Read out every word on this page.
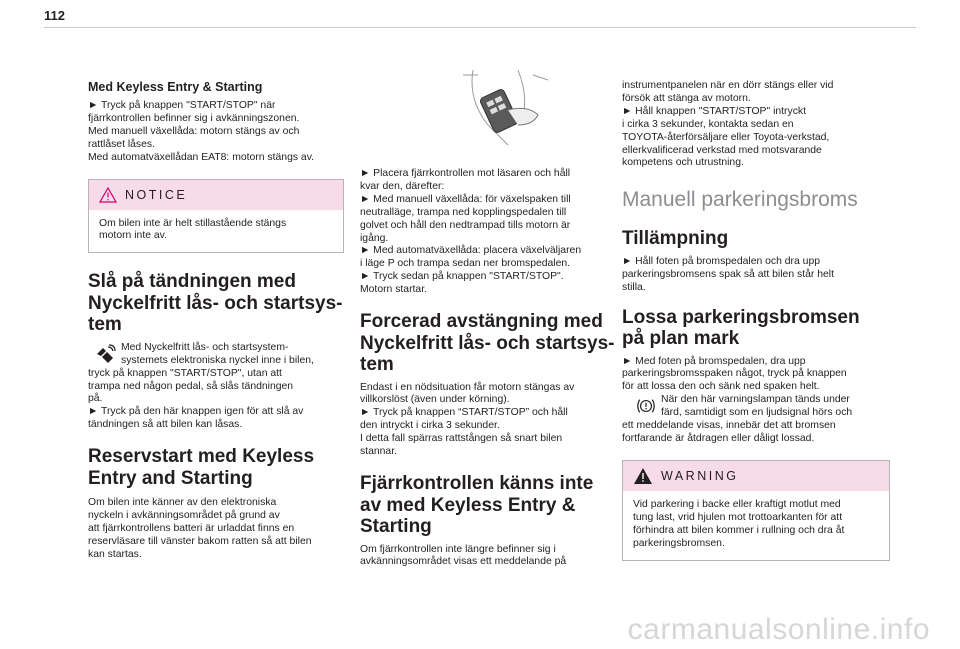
112
Med Keyless Entry & Starting

► Tryck på knappen "START/STOP" när
fjärrkontrollen befinner sig i avkänningszonen.
Med manuell växellåda: motorn stängs av och
rattlåset låses.
Med automatväxellådan EAT8: motorn stängs av.

NOTICE

Om bilen inte är helt stillastående stängs
motorn inte av.

Slå på tändningen med
Nyckelfritt lås- och startsys-
tem

Med Nyckelfritt lås- och startsystem-
systemets elektroniska nyckel inne i bilen,
tryck på knappen "START/STOP", utan att
trampa ned någon pedal, så slås tändningen
på.
► Tryck på den här knappen igen för att slå av
tändningen så att bilen kan låsas.

Reservstart med Keyless
Entry and Starting

Om bilen inte känner av den elektroniska
nyckeln i avkänningsområdet på grund av
att fjärrkontrollens batteri är urladdat finns en
reservläsare till vänster bakom ratten så att bilen
kan startas.

► Placera fjärrkontrollen mot läsaren och håll
kvar den, därefter:
► Med manuell växellåda: för växelspaken till
neutralläge, trampa ned kopplingspedalen till
golvet och håll den nedtrampad tills motorn är
igång.
► Med automatväxellåda: placera växelväljaren
i läge P och trampa sedan ner bromspedalen.
► Tryck sedan på knappen "START/STOP".
Motorn startar.

Forcerad avstängning med
Nyckelfritt lås- och startsys-
tem

Endast i en nödsituation får motorn stängas av
villkorslöst (även under körning).
► Tryck på knappen “START/STOP” och håll
den intryckt i cirka 3 sekunder.
I detta fall spärras rattstången så snart bilen
stannar.

Fjärrkontrollen känns inte
av med Keyless Entry &
Starting

Om fjärrkontrollen inte längre befinner sig i
avkänningsområdet visas ett meddelande på

instrumentpanelen när en dörr stängs eller vid
försök att stänga av motorn.
► Håll knappen "START/STOP" intryckt
i cirka 3 sekunder, kontakta sedan en
TOYOTA-återförsäljare eller Toyota-verkstad,
ellerkvalificerad verkstad med motsvarande
kompetens och utrustning.

Manuell parkeringsbroms
Tillämpning

► Håll foten på bromspedalen och dra upp
parkeringsbromsens spak så att bilen står helt
stilla.

Lossa parkeringsbromsen
på plan mark

► Med foten på bromspedalen, dra upp
parkeringsbromsspaken något, tryck på knappen
för att lossa den och sänk ned spaken helt.

När den här varningslampan tänds under
färd, samtidigt som en ljudsignal hörs och
ett meddelande visas, innebär det att bromsen
fortfarande är åtdragen eller dåligt lossad.

WARNING

Vid parkering i backe eller kraftigt motlut med
tung last, vrid hjulen mot trottoarkanten för att
förhindra att bilen kommer i rullning och dra åt
parkeringsbromsen.

carmanualsonline.info
